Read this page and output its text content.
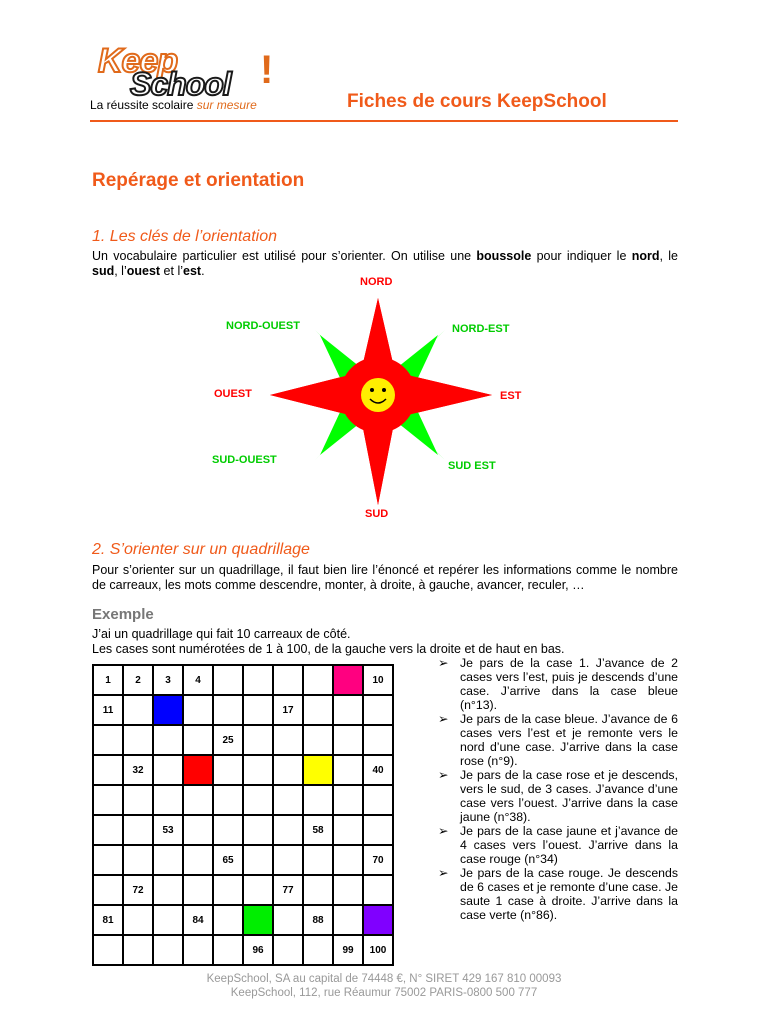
Keep
School !
La réussite scolaire sur mesure	Fiches de cours KeepSchool
Repérage et orientation
1. Les clés de l’orientation
Un vocabulaire particulier est utilisé pour s’orienter. On utilise une boussole pour indiquer le nord, le sud, l’ouest et l’est.
NORD
SUD
EST
OUEST
NORD-EST
NORD-OUEST
SUD EST
SUD-OUEST
2. S’orienter sur un quadrillage
Pour s’orienter sur un quadrillage, il faut bien lire l’énoncé et repérer les informations comme le nombre de carreaux, les mots comme descendre, monter, à droite, à gauche, avancer, reculer, …
Exemple
J’ai un quadrillage qui fait 10 carreaux de côté.
Les cases sont numérotées de 1 à 100, de la gauche vers la droite et de haut en bas.
1	2	3	4						10
11						17			
				25					
	32								40

		53					58		
				65					70
	72					77			
81			84				88		
					96			99	100
➢ Je pars de la case 1. J’avance de 2 cases vers l’est, puis je descends d’une case. J’arrive dans la case bleue (n°13).
➢ Je pars de la case bleue. J’avance de 6 cases vers l’est et je remonte vers le nord d’une case. J’arrive dans la case rose (n°9).
➢ Je pars de la case rose et je descends, vers le sud, de 3 cases. J’avance d’une case vers l’ouest. J’arrive dans la case jaune (n°38).
➢ Je pars de la case jaune et j’avance de 4 cases vers l’ouest. J’arrive dans la case rouge (n°34)
➢ Je pars de la case rouge. Je descends de 6 cases et je remonte d’une case. Je saute 1 case à droite. J’arrive dans la case verte (n°86).
KeepSchool, SA au capital de 74448 €, N° SIRET 429 167 810 00093
KeepSchool, 112, rue Réaumur 75002 PARIS-0800 500 777
